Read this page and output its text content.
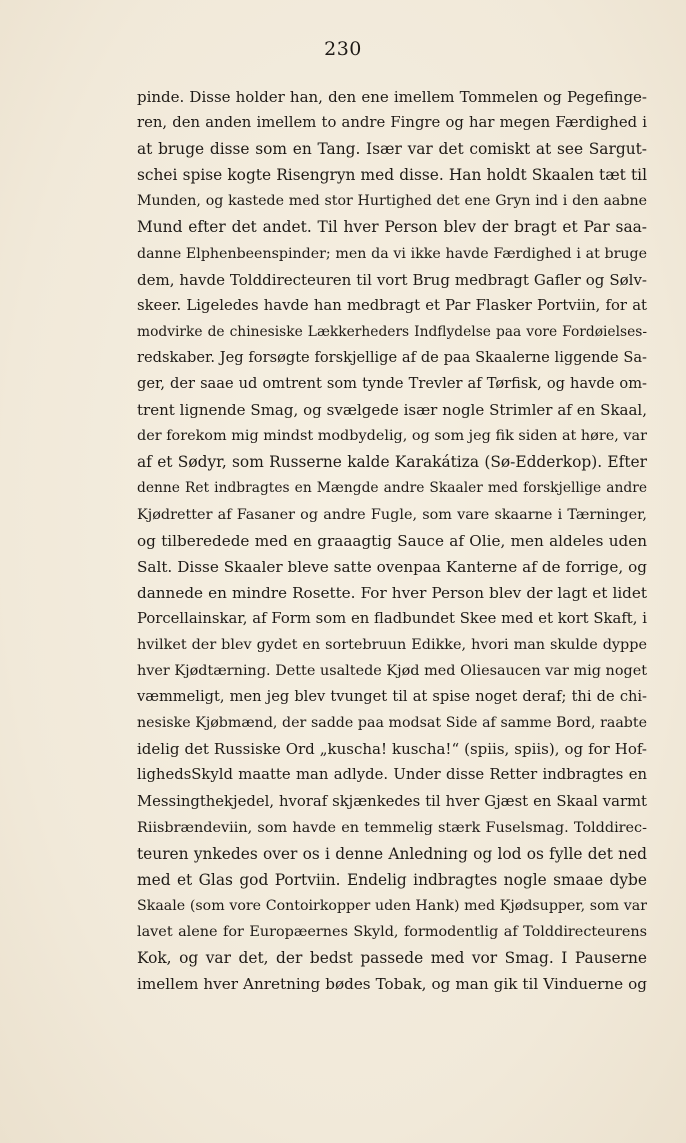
230
pinde. Disse holder han, den ene imellem Tommelen og Pegefinge-
ren, den anden imellem to andre Fingre og har megen Færdighed i
at bruge disse som en Tang. Især var det comiskt at see Sargut-
schei spise kogte Risengryn med disse. Han holdt Skaalen tæt til
Munden, og kastede med stor Hurtighed det ene Gryn ind i den aabne
Mund efter det andet. Til hver Person blev der bragt et Par saa-
danne Elphenbeenspinder; men da vi ikke havde Færdighed i at bruge
dem, havde Tolddirecteuren til vort Brug medbragt Gafler og Sølv-
skeer. Ligeledes havde han medbragt et Par Flasker Portviin, for at
modvirke de chinesiske Lækkerheders Indflydelse paa vore Fordøielses-
redskaber. Jeg forsøgte forskjellige af de paa Skaalerne liggende Sa-
ger, der saae ud omtrent som tynde Trevler af Tørfisk, og havde om-
trent lignende Smag, og svælgede især nogle Strimler af en Skaal,
der forekom mig mindst modbydelig, og som jeg fik siden at høre, var
af et Sødyr, som Russerne kalde Karakátiza (Sø-Edderkop). Efter
denne Ret indbragtes en Mængde andre Skaaler med forskjellige andre
Kjødretter af Fasaner og andre Fugle, som vare skaarne i Tærninger,
og tilberedede med en graaagtig Sauce af Olie, men aldeles uden
Salt. Disse Skaaler bleve satte ovenpaa Kanterne af de forrige, og
dannede en mindre Rosette. For hver Person blev der lagt et lidet
Porcellainskar, af Form som en fladbundet Skee med et kort Skaft, i
hvilket der blev gydet en sortebruun Edikke, hvori man skulde dyppe
hver Kjødtærning. Dette usaltede Kjød med Oliesaucen var mig noget
væmmeligt, men jeg blev tvunget til at spise noget deraf; thi de chi-
nesiske Kjøbmænd, der sadde paa modsat Side af samme Bord, raabte
idelig det Russiske Ord „kuscha! kuscha!“ (spiis, spiis), og for Hof-
lighedsSkyld maatte man adlyde. Under disse Retter indbragtes en
Messingthekjedel, hvoraf skjænkedes til hver Gjæst en Skaal varmt
Riisbrændeviin, som havde en temmelig stærk Fuselsmag. Tolddirec-
teuren ynkedes over os i denne Anledning og lod os fylle det ned
med et Glas god Portviin. Endelig indbragtes nogle smaae dybe
Skaale (som vore Contoirkopper uden Hank) med Kjødsupper, som var
lavet alene for Europæernes Skyld, formodentlig af Tolddirecteurens
Kok, og var det, der bedst passede med vor Smag. I Pauserne
imellem hver Anretning bødes Tobak, og man gik til Vinduerne og
